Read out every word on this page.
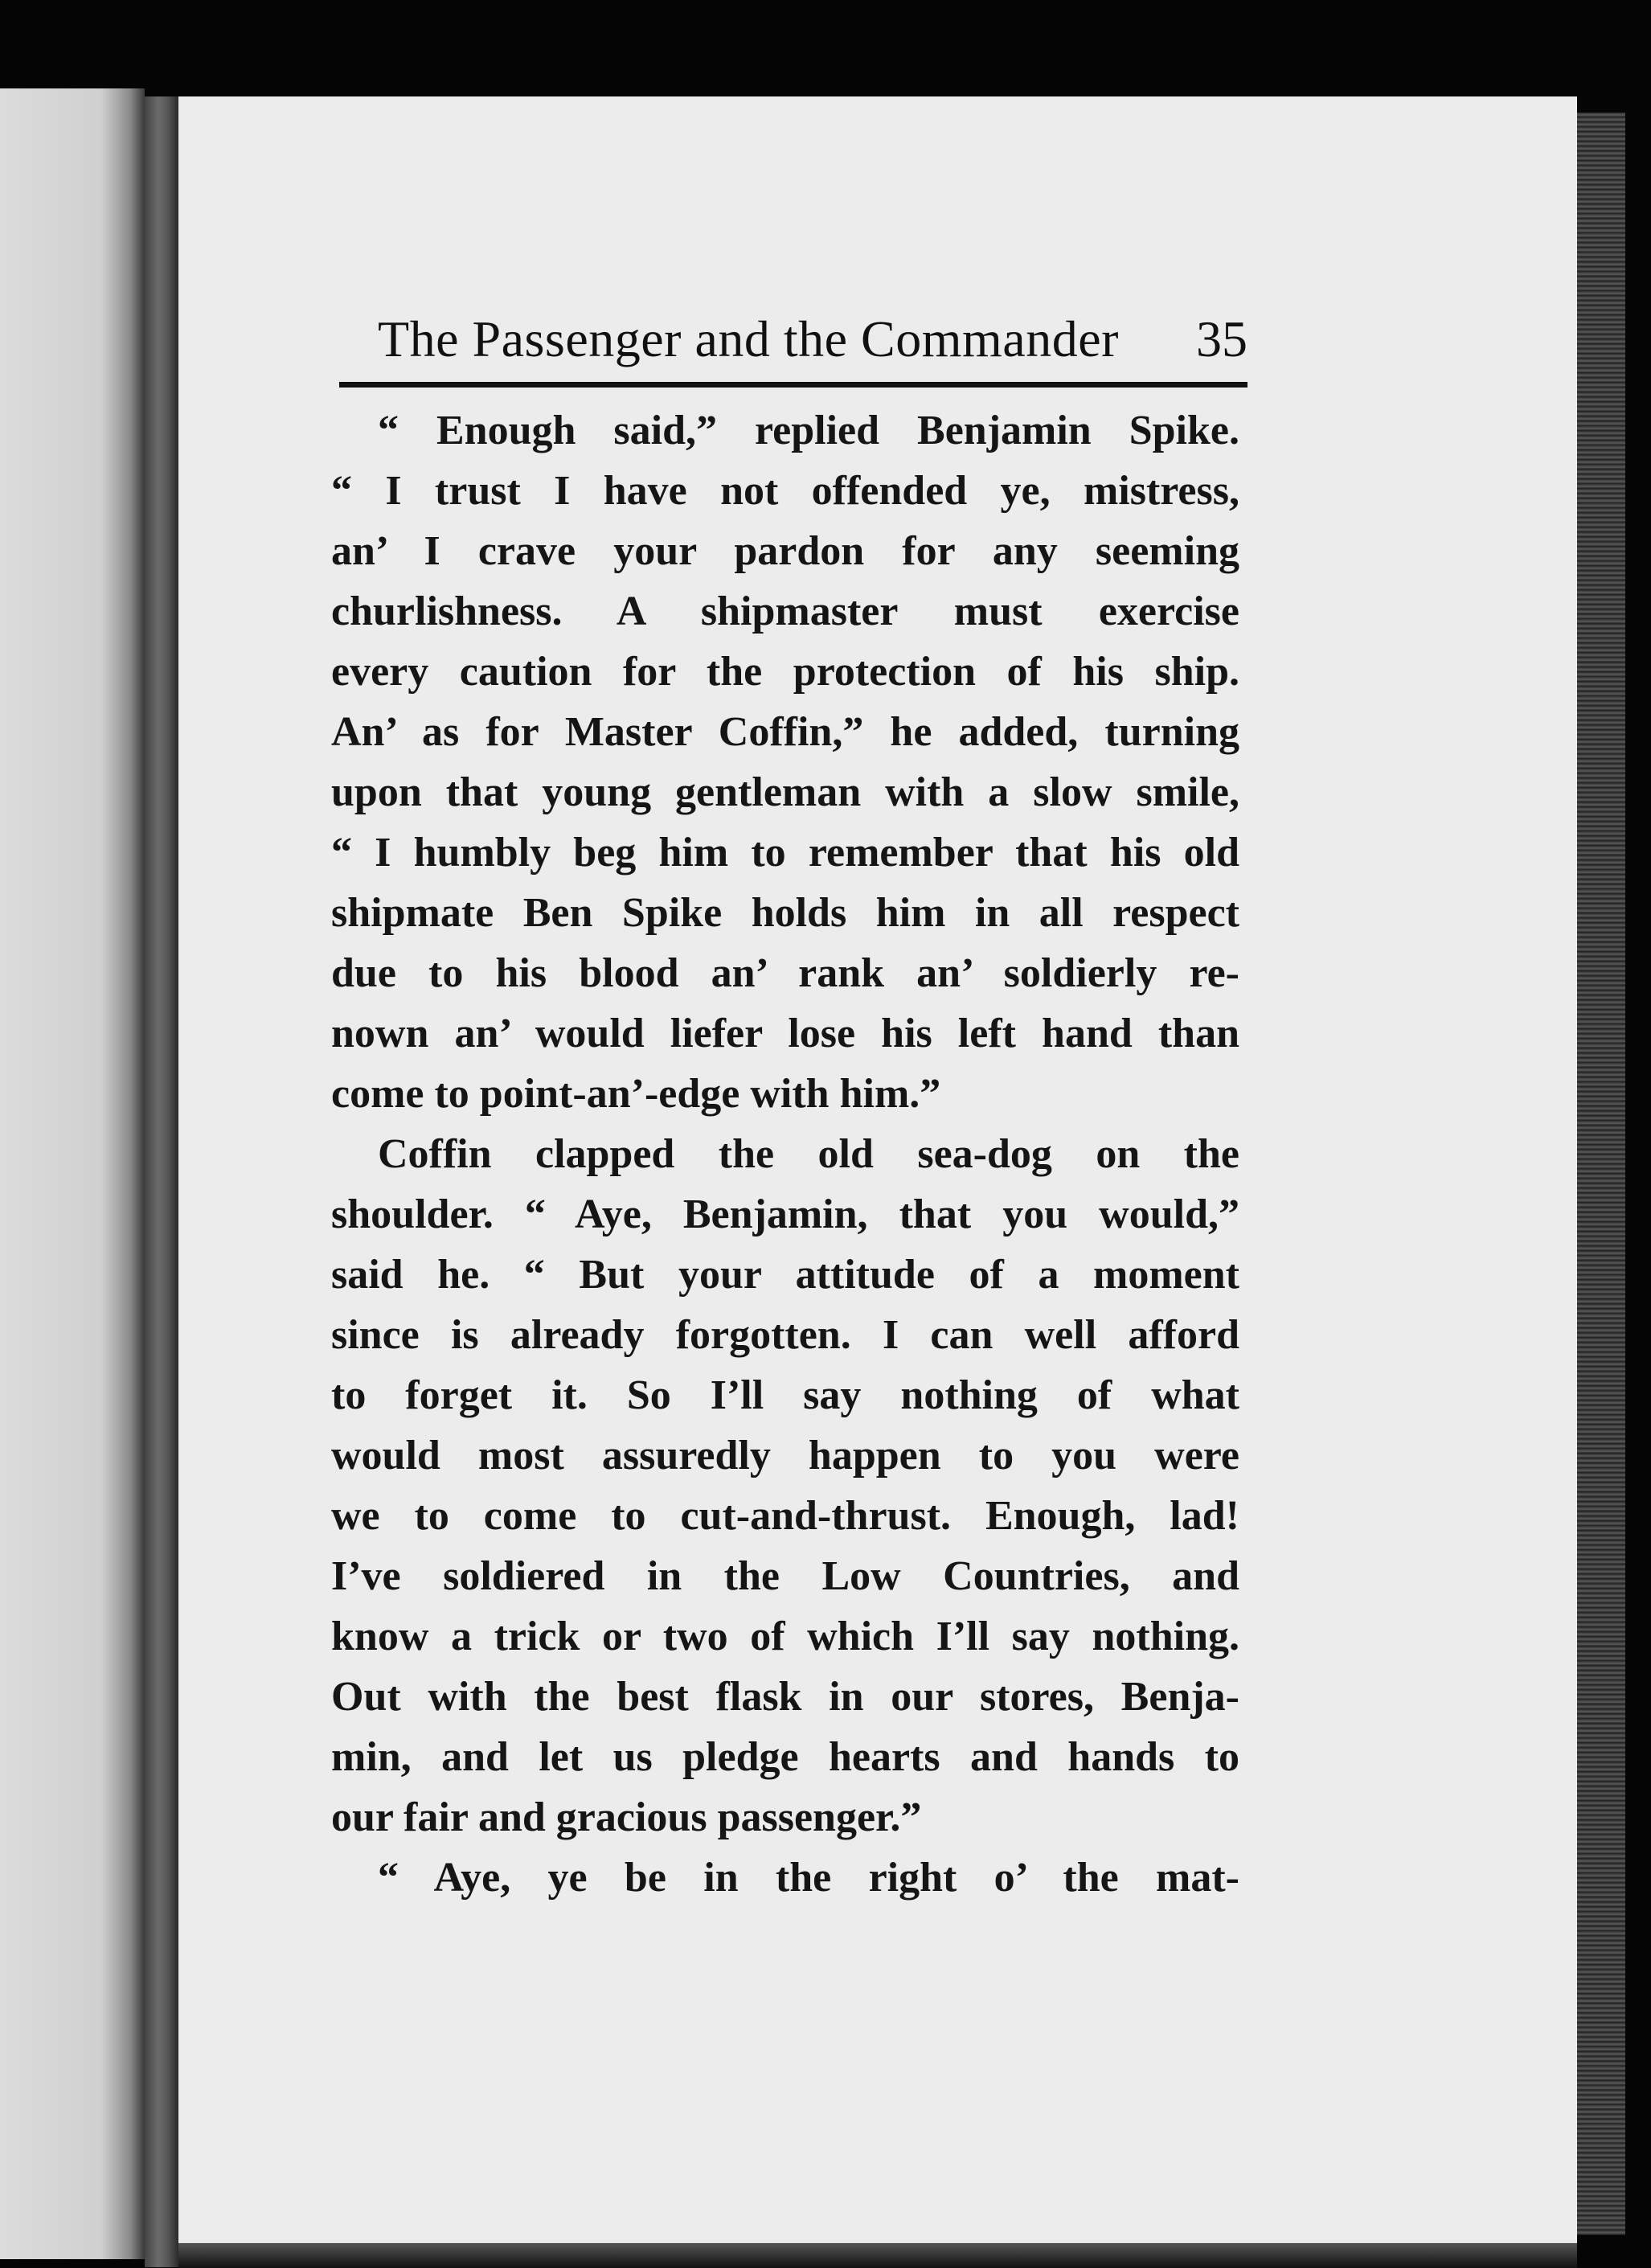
The Passenger and the Commander 35
“ Enough said,” replied Benjamin Spike.
“ I trust I have not offended ye, mistress,
an’ I crave your pardon for any seeming
churlishness. A shipmaster must exercise
every caution for the protection of his ship.
An’ as for Master Coffin,” he added, turning
upon that young gentleman with a slow smile,
“ I humbly beg him to remember that his old
shipmate Ben Spike holds him in all respect
due to his blood an’ rank an’ soldierly re-
nown an’ would liefer lose his left hand than
come to point-an’-edge with him.”
Coffin clapped the old sea-dog on the
shoulder. “ Aye, Benjamin, that you would,”
said he. “ But your attitude of a moment
since is already forgotten. I can well afford
to forget it. So I’ll say nothing of what
would most assuredly happen to you were
we to come to cut-and-thrust. Enough, lad!
I’ve soldiered in the Low Countries, and
know a trick or two of which I’ll say nothing.
Out with the best flask in our stores, Benja-
min, and let us pledge hearts and hands to
our fair and gracious passenger.”
“ Aye, ye be in the right o’ the mat-
